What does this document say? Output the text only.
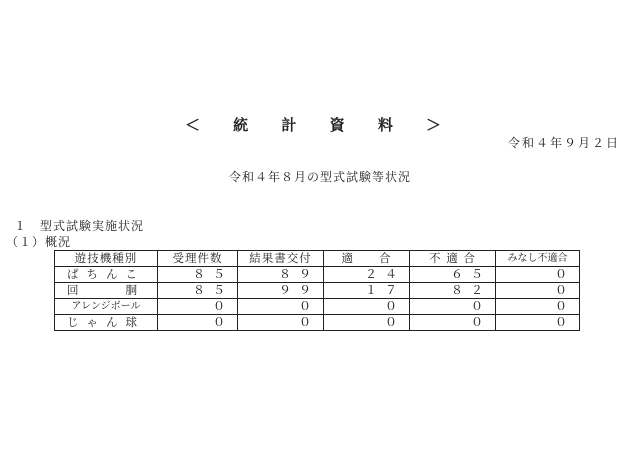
＜ 統 計 資 料 ＞
令和４年９月２日
令和４年８月の型式試験等状況
１　型式試験実施状況
（１）概況
遊技機種別	受理件数	結果書交付	適　　合	不 適 合	みなし不適合
ぱちんこ	８５	８９	２４	６５	０
回　　胴	８５	９９	１７	８２	０
アレンジボール	０	０	０	０	０
じゃん球	０	０	０	０	０
